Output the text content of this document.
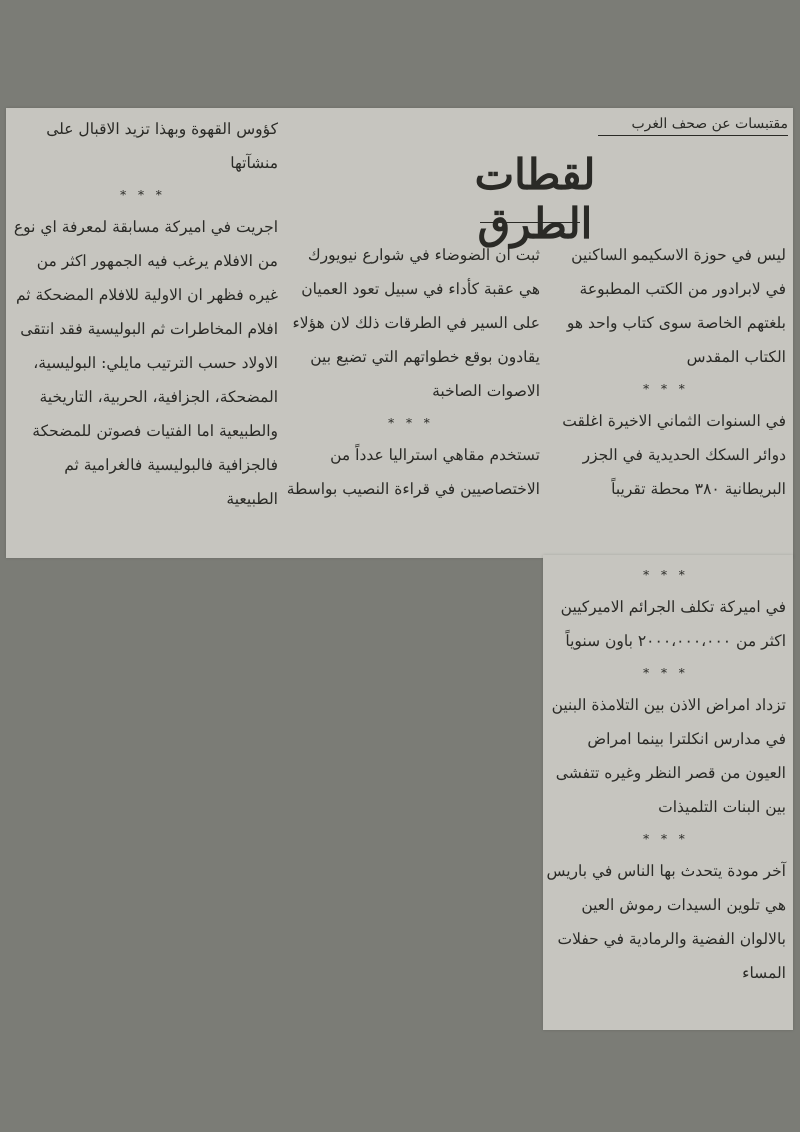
مقتبسات عن صحف الغرب
لقطات الطرق

كؤوس القهوة وبهذا تزيد الاقبال على منشآتها

* * *

اجريت في اميركة مسابقة لمعرفة اي نوع من الافلام يرغب فيه الجمهور اكثر من غيره فظهر ان الاولية للافلام المضحكة ثم افلام المخاطرات ثم البوليسية فقد انتقى الاولاد حسب الترتيب مايلي: البوليسية، المضحكة، الجزافية، الحربية، التاريخية والطبيعية اما الفتيات فصوتن للمضحكة فالجزافية فالبوليسية فالغرامية ثم الطبيعية

ثبت ان الضوضاء في شوارع نيويورك هي عقبة كأداء في سبيل تعود العميان على السير في الطرقات ذلك لان هؤلاء يقادون بوقع خطواتهم التي تضيع بين الاصوات الصاخبة

* * *

تستخدم مقاهي استراليا عدداً من الاختصاصيين في قراءة النصيب بواسطة

ليس في حوزة الاسكيمو الساكنين في لابرادور من الكتب المطبوعة بلغتهم الخاصة سوى كتاب واحد هو الكتاب المقدس

* * *

في السنوات الثماني الاخيرة اغلقت دوائر السكك الحديدية في الجزر البريطانية ٣٨٠ محطة تقريباً

* * *

في اميركة تكلف الجرائم الاميركيين اكثر من ٢٠٠٠،٠٠٠،٠٠٠ باون سنوياً

* * *

تزداد امراض الاذن بين التلامذة البنين في مدارس انكلترا بينما امراض العيون من قصر النظر وغيره تتفشى بين البنات التلميذات

* * *

آخر مودة يتحدث بها الناس في باريس هي تلوين السيدات رموش العين بالالوان الفضية والرمادية في حفلات المساء
